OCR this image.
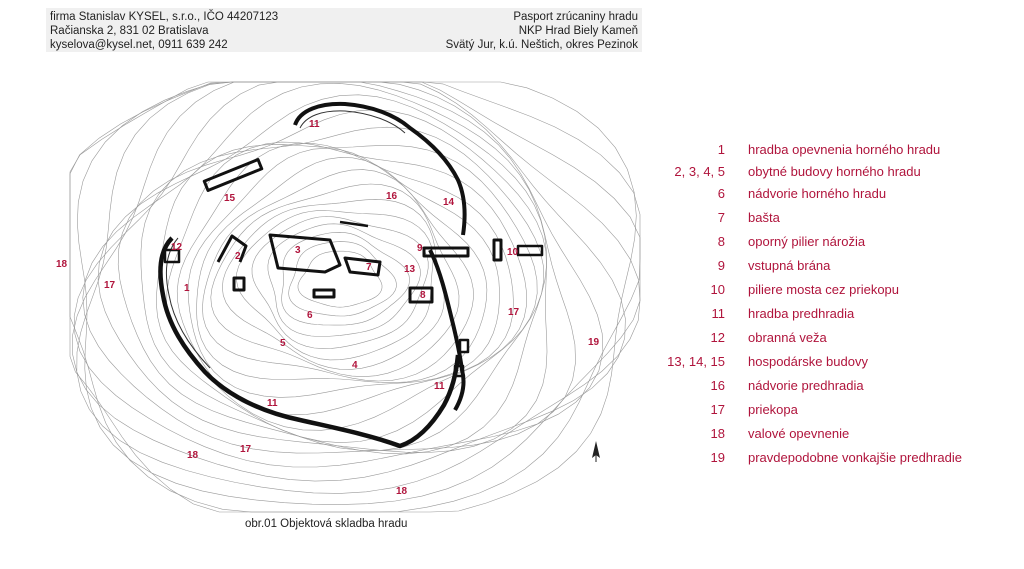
firma Stanislav KYSEL, s.r.o., IČO 44207123
Račianska 2, 831 02 Bratislava
kyselova@kysel.net, 0911 639 242
Pasport zrúcaniny hradu
NKP Hrad Biely Kameň
Svätý Jur, k.ú. Neštich, okres Pezinok
1
2
3
4
5
6
7
8
9	10
11
11
11
12
13
14
15	16
17
17
17
18
18
18
19
obr.01 Objektová skladba hradu
1 hradba opevnenia horného hradu
2, 3, 4, 5 obytné budovy horného hradu
6 nádvorie horného hradu
7 bašta
8 oporný pilier nárožia
9 vstupná brána
10 piliere mosta cez priekopu
11 hradba predhradia
12 obranná veža
13, 14, 15 hospodárske budovy
16 nádvorie predhradia
17 priekopa
18 valové opevnenie
19 pravdepodobne vonkajšie predhradie
